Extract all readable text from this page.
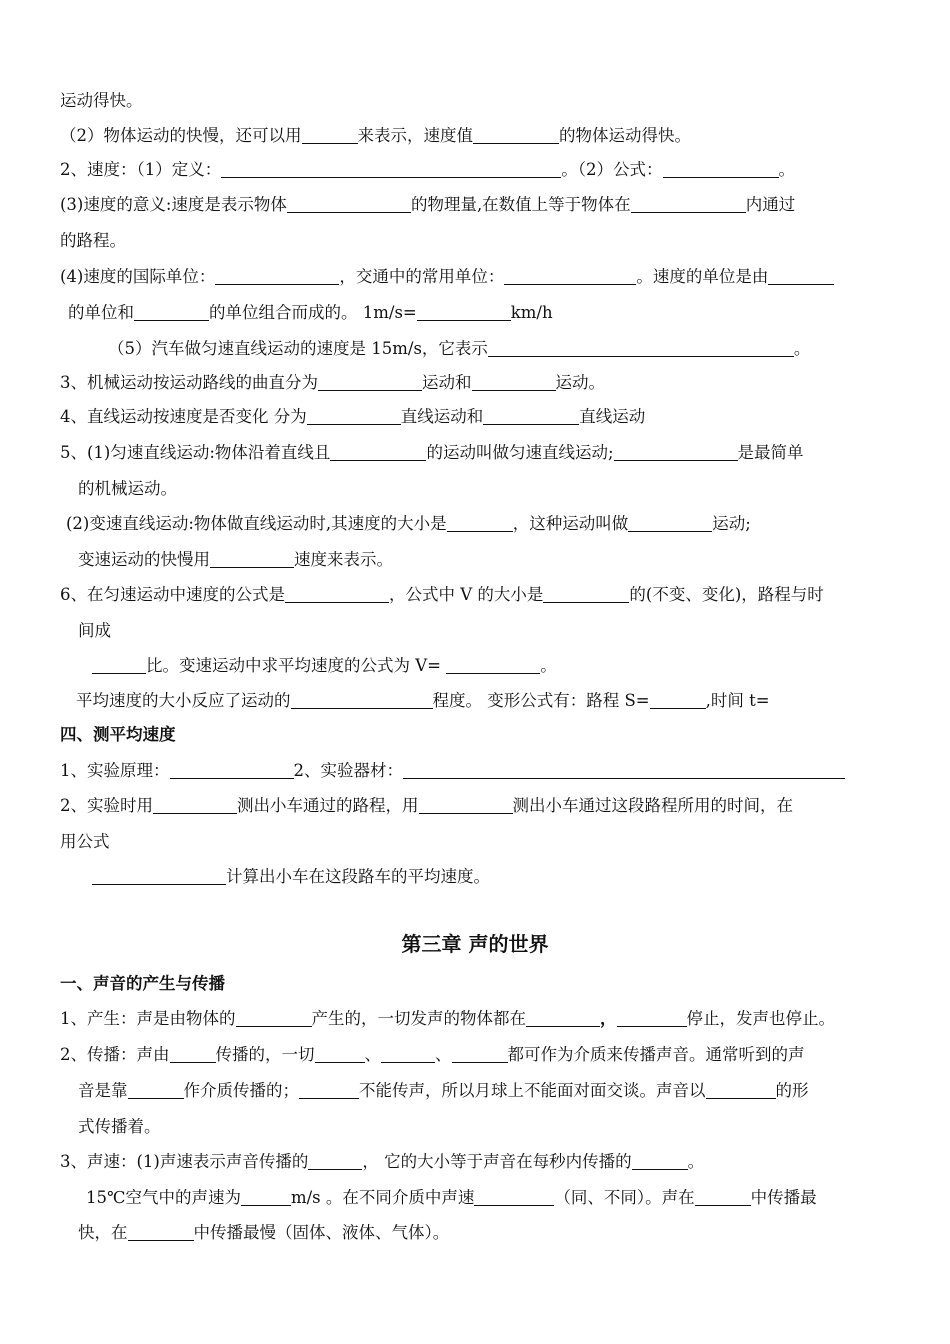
运动得快。
（2）物体运动的快慢，还可以用	来表示，速度值	的物体运动得快。
2、速度：（1）定义：	。（2）公式：	。
(3)速度的意义:速度是表示物体	的物理量,在数值上等于物体在	内通过
的路程。
(4)速度的国际单位：	，交通中的常用单位：	。速度的单位是由
的单位和	的单位组合而成的。 1m/s=	km/h
（5）汽车做匀速直线运动的速度是 15m/s，它表示	。
3、机械运动按运动路线的曲直分为	运动和	运动。
4、直线运动按速度是否变化 分为	直线运动和	直线运动
5、(1)匀速直线运动:物体沿着直线且	的运动叫做匀速直线运动;	是最简单
的机械运动。
(2)变速直线运动:物体做直线运动时,其速度的大小是	，这种运动叫做	运动;
变速运动的快慢用	速度来表示。
6、在匀速运动中速度的公式是	，公式中 V 的大小是	的(不变、变化)，路程与时
间成
比。变速运动中求平均速度的公式为 V=	。
平均速度的大小反应了运动的	程度。 变形公式有：路程 S=	,时间 t=
四、测平均速度
1、实验原理：	2、实验器材：
2、实验时用	测出小车通过的路程，用	测出小车通过这段路程所用的时间，在
用公式
计算出小车在这段路车的平均速度。
第三章 声的世界
一、声音的产生与传播
1、产生：声是由物体的	产生的，一切发声的物体都在	，	停止，发声也停止。
2、传播：声由	传播的，一切	、	、	都可作为介质来传播声音。通常听到的声
音是靠	作介质传播的；	不能传声，所以月球上不能面对面交谈。声音以	的形
式传播着。
3、声速：(1)声速表示声音传播的	， 它的大小等于声音在每秒内传播的	。
15℃空气中的声速为	m/s 。在不同介质中声速	（同、不同）。声在	中传播最
快，在	中传播最慢（固体、液体、气体）。
